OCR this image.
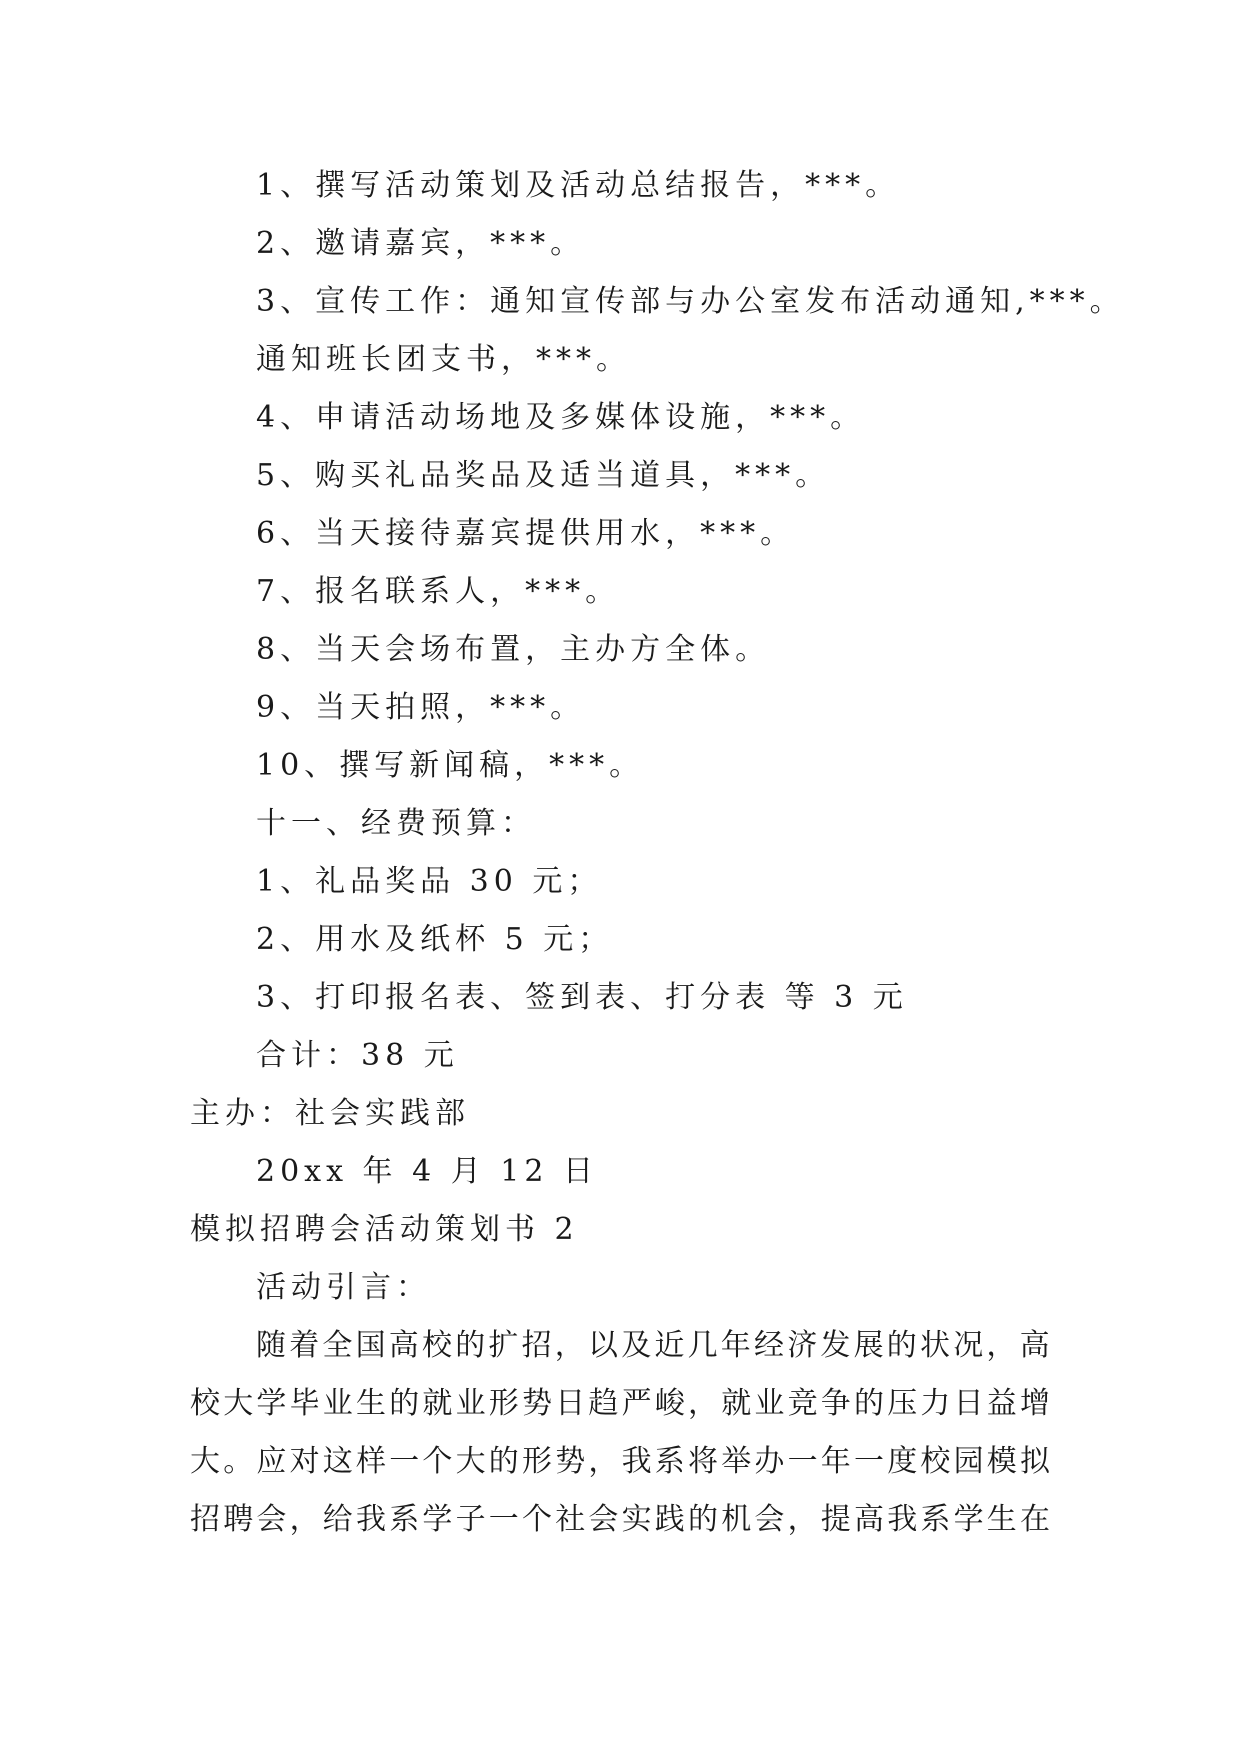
1、撰写活动策划及活动总结报告，***。
2、邀请嘉宾，***。
3、宣传工作：通知宣传部与办公室发布活动通知,***。
通知班长团支书，***。
4、申请活动场地及多媒体设施，***。
5、购买礼品奖品及适当道具，***。
6、当天接待嘉宾提供用水，***。
7、报名联系人，***。
8、当天会场布置，主办方全体。
9、当天拍照，***。
10、撰写新闻稿，***。
十一、经费预算：
1、礼品奖品 30 元；
2、用水及纸杯 5 元；
3、打印报名表、签到表、打分表 等 3 元
合计：38 元
主办：社会实践部
20xx 年 4 月 12 日
模拟招聘会活动策划书 2
活动引言：
随着全国高校的扩招，以及近几年经济发展的状况，高
校大学毕业生的就业形势日趋严峻，就业竞争的压力日益增
大。应对这样一个大的形势，我系将举办一年一度校园模拟
招聘会，给我系学子一个社会实践的机会，提高我系学生在
